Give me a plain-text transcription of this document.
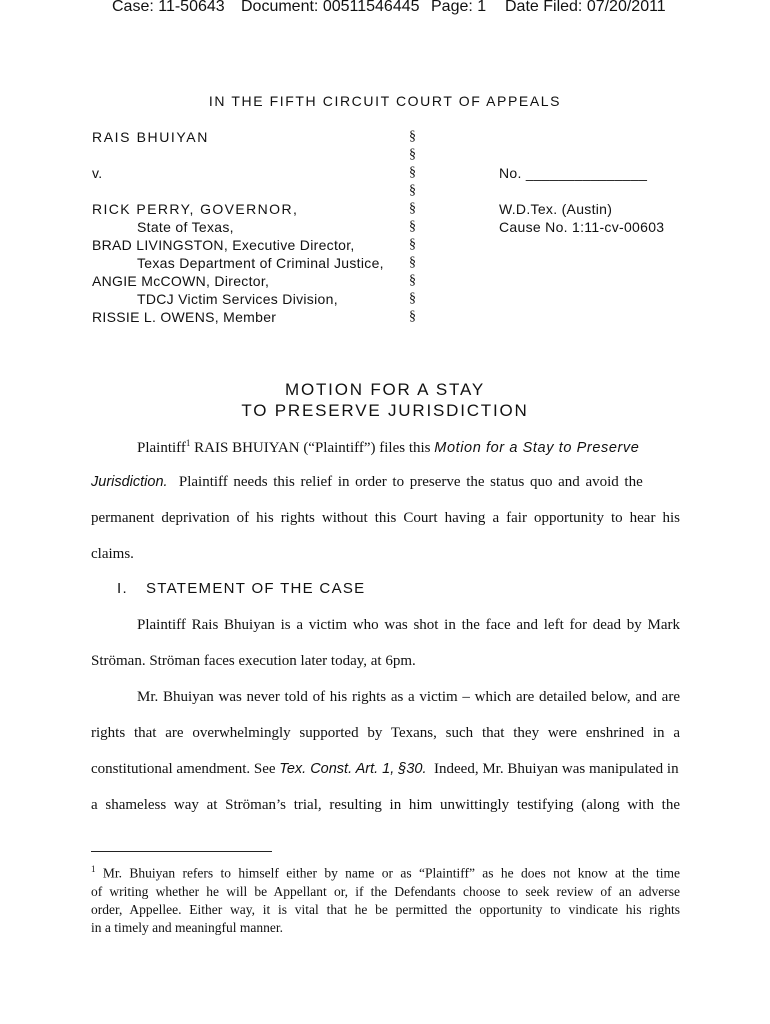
Case: 11-50643 Document: 00511546445 Page: 1 Date Filed: 07/20/2011
IN THE FIFTH CIRCUIT COURT OF APPEALS
RAIS BHUIYAN
v.
RICK PERRY, GOVERNOR,
State of Texas,
BRAD LIVINGSTON, Executive Director,
Texas Department of Criminal Justice,
ANGIE McCOWN, Director,
TDCJ Victim Services Division,
RISSIE L. OWENS, Member
§
§
§
§
§
§
§
§
§
§
§
No. _______________
W.D.Tex. (Austin)
Cause No. 1:11-cv-00603
MOTION FOR A STAY
TO PRESERVE JURISDICTION
Plaintiff$^1$ RAIS BHUIYAN (“Plaintiff”) files this Motion for a Stay to Preserve
Jurisdiction.  Plaintiff needs this relief in order to preserve the status quo and avoid the
permanent deprivation of his rights without this Court having a fair opportunity to hear his
claims.
I. STATEMENT OF THE CASE
Plaintiff Rais Bhuiyan is a victim who was shot in the face and left for dead by Mark
Ströman. Ströman faces execution later today, at 6pm.
Mr. Bhuiyan was never told of his rights as a victim – which are detailed below, and are
rights that are overwhelmingly supported by Texans, such that they were enshrined in a
constitutional amendment. See Tex. Const. Art. 1, §30.  Indeed, Mr. Bhuiyan was manipulated in
a shameless way at Ströman’s trial, resulting in him unwittingly testifying (along with the
$^1$ Mr. Bhuiyan refers to himself either by name or as “Plaintiff” as he does not know at the time
of writing whether he will be Appellant or, if the Defendants choose to seek review of an adverse
order, Appellee. Either way, it is vital that he be permitted the opportunity to vindicate his rights
in a timely and meaningful manner.
